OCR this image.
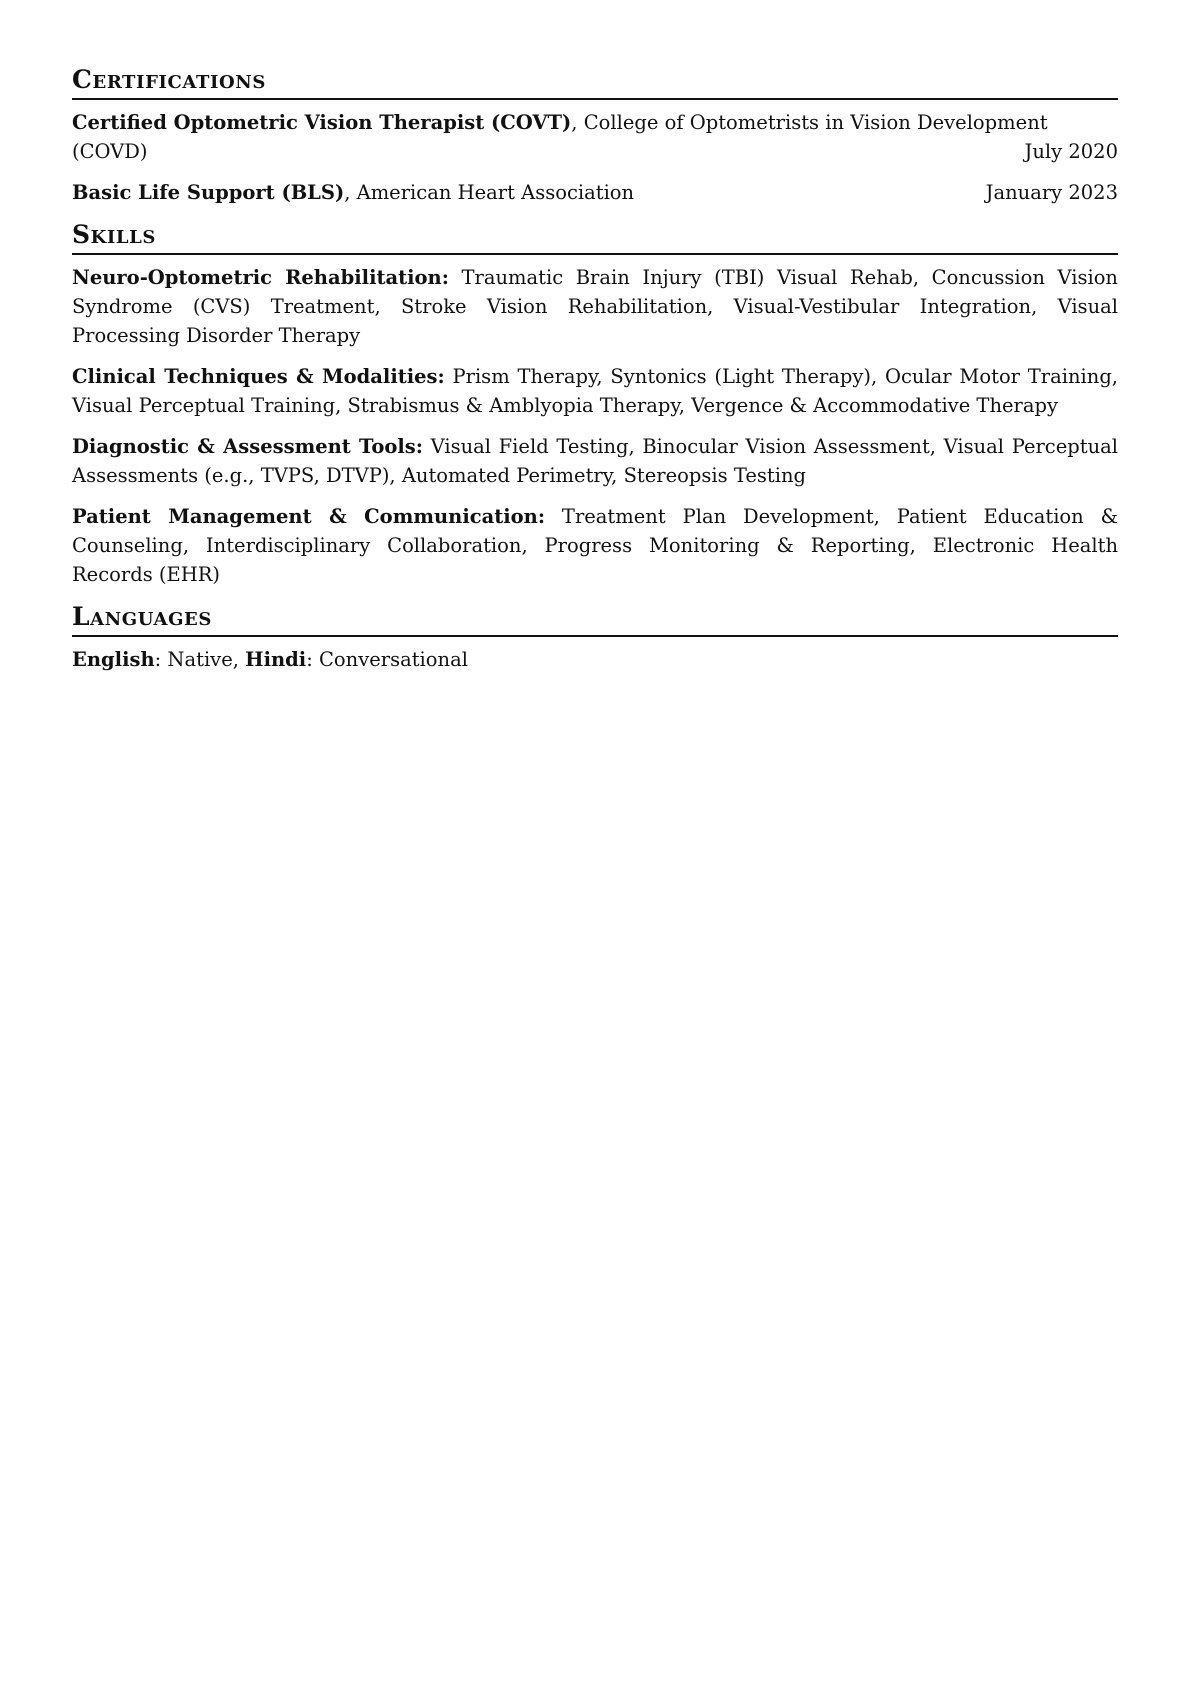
Certifications
Certified Optometric Vision Therapist (COVT), College of Optometrists in Vision Development
(COVD)	July 2020
Basic Life Support (BLS), American Heart Association	January 2023
Skills
Neuro-Optometric Rehabilitation: Traumatic Brain Injury (TBI) Visual Rehab, Concussion Vision Syndrome (CVS) Treatment, Stroke Vision Rehabilitation, Visual-Vestibular Integration, Visual Processing Disorder Therapy
Clinical Techniques & Modalities: Prism Therapy, Syntonics (Light Therapy), Ocular Motor Training, Visual Perceptual Training, Strabismus & Amblyopia Therapy, Vergence & Accommodative Therapy
Diagnostic & Assessment Tools: Visual Field Testing, Binocular Vision Assessment, Visual Perceptual Assessments (e.g., TVPS, DTVP), Automated Perimetry, Stereopsis Testing
Patient Management & Communication: Treatment Plan Development, Patient Education & Counseling, Interdisciplinary Collaboration, Progress Monitoring & Reporting, Electronic Health Records (EHR)
Languages
English: Native, Hindi: Conversational
